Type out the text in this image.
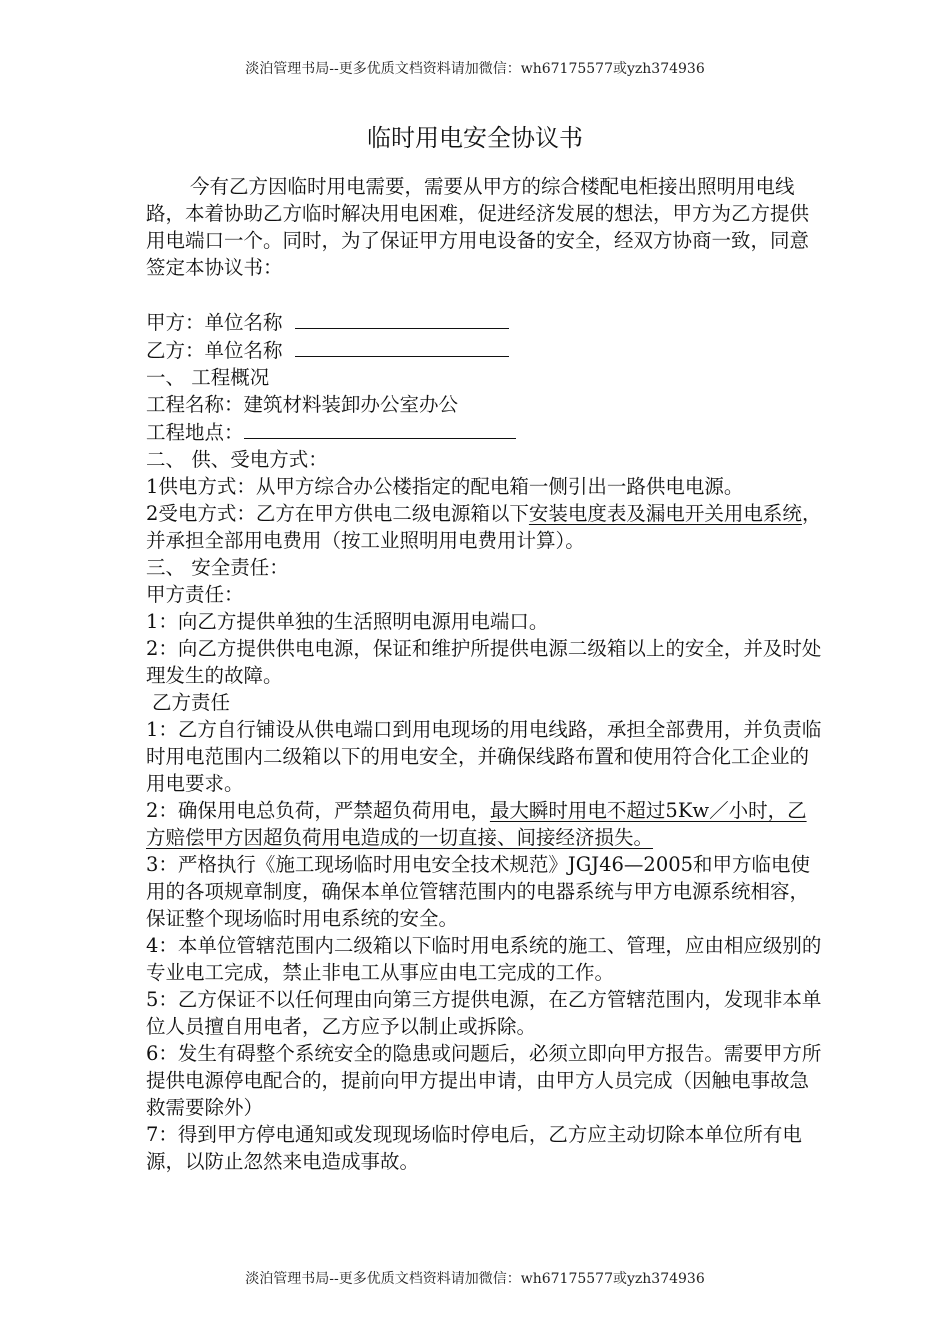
淡泊管理书局--更多优质文档资料请加微信：wh67175577或yzh374936
临时用电安全协议书

今有乙方因临时用电需要，需要从甲方的综合楼配电柜接出照明用电线路，本着协助乙方临时解决用电困难，促进经济发展的想法，甲方为乙方提供用电端口一个。同时，为了保证甲方用电设备的安全，经双方协商一致，同意签定本协议书：

甲方：单位名称

乙方：单位名称

一、 工程概况

工程名称：建筑材料装卸办公室办公

工程地点：

二、 供、受电方式：

1供电方式：从甲方综合办公楼指定的配电箱一侧引出一路供电电源。

2受电方式：乙方在甲方供电二级电源箱以下安装电度表及漏电开关用电系统，并承担全部用电费用（按工业照明用电费用计算）。

三、 安全责任：

甲方责任：

1：向乙方提供单独的生活照明电源用电端口。

2：向乙方提供供电电源，保证和维护所提供电源二级箱以上的安全，并及时处理发生的故障。

乙方责任

1：乙方自行铺设从供电端口到用电现场的用电线路，承担全部费用，并负责临时用电范围内二级箱以下的用电安全，并确保线路布置和使用符合化工企业的用电要求。

2：确保用电总负荷，严禁超负荷用电，最大瞬时用电不超过5Kw／小时，乙方赔偿甲方因超负荷用电造成的一切直接、间接经济损失。

3：严格执行《施工现场临时用电安全技术规范》JGJ46—2005和甲方临电使用的各项规章制度，确保本单位管辖范围内的电器系统与甲方电源系统相容，保证整个现场临时用电系统的安全。

4：本单位管辖范围内二级箱以下临时用电系统的施工、管理，应由相应级别的专业电工完成，禁止非电工从事应由电工完成的工作。

5：乙方保证不以任何理由向第三方提供电源，在乙方管辖范围内，发现非本单位人员擅自用电者，乙方应予以制止或拆除。

6：发生有碍整个系统安全的隐患或问题后，必须立即向甲方报告。需要甲方所提供电源停电配合的，提前向甲方提出申请，由甲方人员完成（因触电事故急救需要除外）

7：得到甲方停电通知或发现现场临时停电后，乙方应主动切除本单位所有电源，以防止忽然来电造成事故。

淡泊管理书局--更多优质文档资料请加微信：wh67175577或yzh374936
